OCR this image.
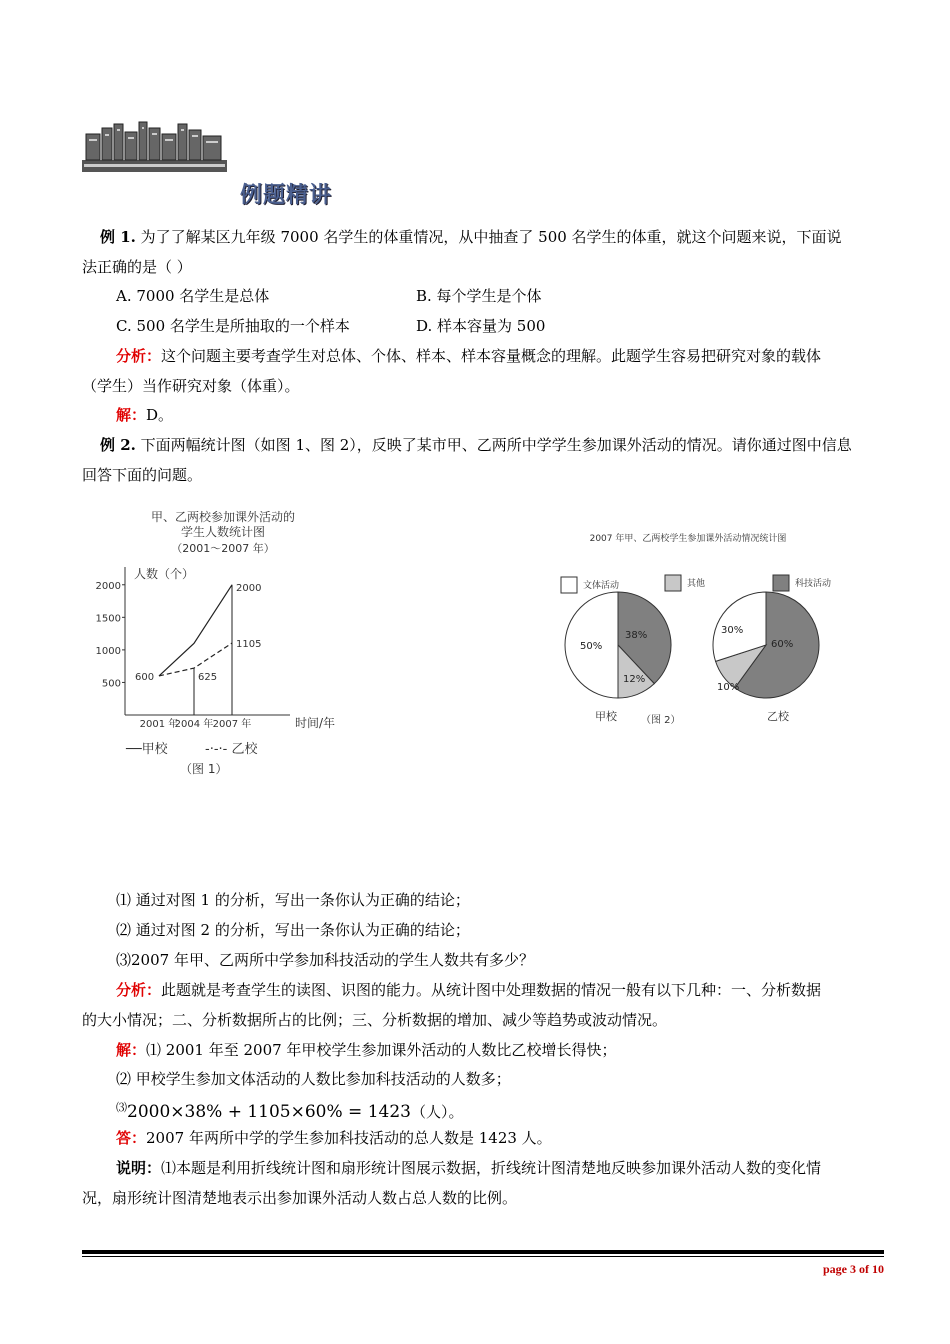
例题精讲
例 1. 为了了解某区九年级 7000 名学生的体重情况，从中抽查了 500 名学生的体重，就这个问题来说，下面说
法正确的是（ ）
A. 7000 名学生是总体	B. 每个学生是个体
C. 500 名学生是所抽取的一个样本	D. 样本容量为 500
分析：这个问题主要考查学生对总体、个体、样本、样本容量概念的理解。此题学生容易把研究对象的载体
（学生）当作研究对象（体重）。
解：D。
例 2. 下面两幅统计图（如图 1、图 2），反映了某市甲、乙两所中学学生参加课外活动的情况。请你通过图中信息
回答下面的问题。
甲、乙两校参加课外活动的
学生人数统计图
（2001～2007 年）
人数（个）
时间/年
500
1000
1500
2000
2001 年
2004 年 2007 年
600	625
1105
2000
──甲校	-·-·- 乙校
（图 1）
2007 年甲、乙两校学生参加课外活动情况统计图
文体活动	其他	科技活动
50%
38%
12%
甲校
30%
60%
10%
乙校
（图 2）
⑴ 通过对图 1 的分析，写出一条你认为正确的结论；
⑵ 通过对图 2 的分析，写出一条你认为正确的结论；
⑶2007 年甲、乙两所中学参加科技活动的学生人数共有多少？
分析：此题就是考查学生的读图、识图的能力。从统计图中处理数据的情况一般有以下几种：一、分析数据
的大小情况；二、分析数据所占的比例；三、分析数据的增加、减少等趋势或波动情况。
解：⑴ 2001 年至 2007 年甲校学生参加课外活动的人数比乙校增长得快；
⑵ 甲校学生参加文体活动的人数比参加科技活动的人数多；
⑶2000×38% + 1105×60% = 1423（人）。
答：2007 年两所中学的学生参加科技活动的总人数是 1423 人。
说明：⑴本题是利用折线统计图和扇形统计图展示数据，折线统计图清楚地反映参加课外活动人数的变化情
况，扇形统计图清楚地表示出参加课外活动人数占总人数的比例。
page 3 of 10
